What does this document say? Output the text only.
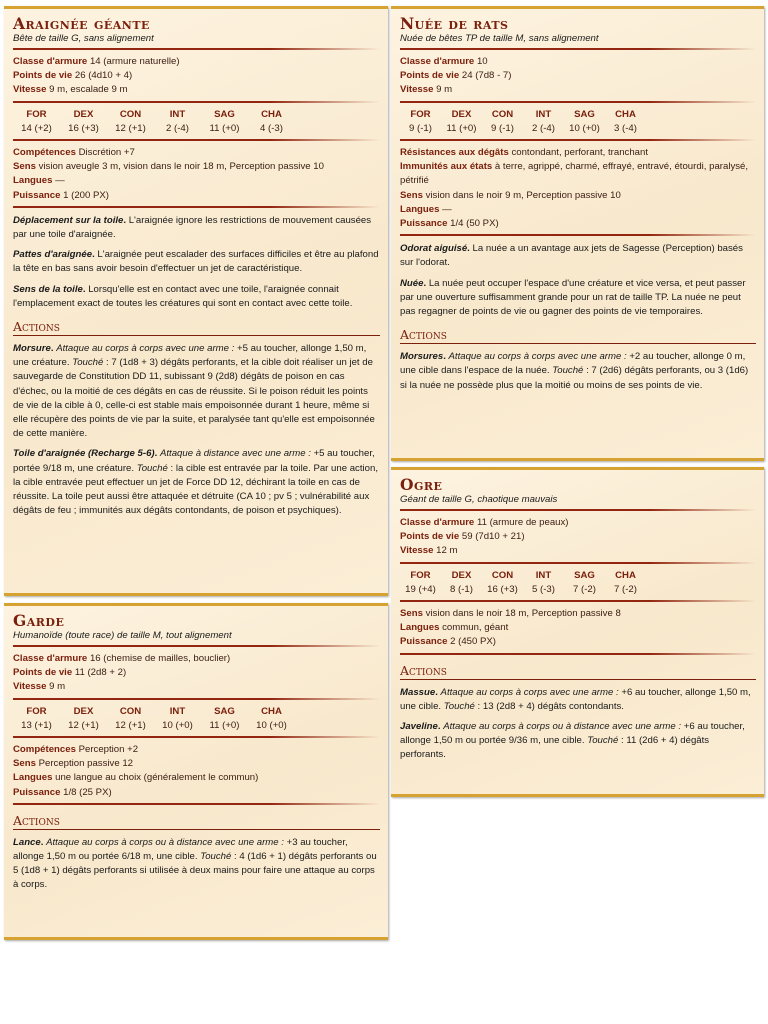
Araignée géante
Bête de taille G, sans alignement

Classe d'armure 14 (armure naturelle)

Points de vie 26 (4d10 + 4)

Vitesse 9 m, escalade 9 m

FOR
14 (+2)
DEX
16 (+3)
CON
12 (+1)
INT
2 (-4)
SAG
11 (+0)
CHA
4 (-3)

Compétences Discrétion +7

Sens vision aveugle 3 m, vision dans le noir 18 m, Perception passive 10

Langues —

Puissance 1 (200 PX)

Déplacement sur la toile. L'araignée ignore les restrictions de mouvement causées par une toile d'araignée.

Pattes d'araignée. L'araignée peut escalader des surfaces difficiles et être au plafond la tête en bas sans avoir besoin d'effectuer un jet de caractéristique.

Sens de la toile. Lorsqu'elle est en contact avec une toile, l'araignée connait l'emplacement exact de toutes les créatures qui sont en contact avec cette toile.

Actions

Morsure. Attaque au corps à corps avec une arme : +5 au toucher, allonge 1,50 m, une créature. Touché : 7 (1d8 + 3) dégâts perforants, et la cible doit réaliser un jet de sauvegarde de Constitution DD 11, subissant 9 (2d8) dégâts de poison en cas d'échec, ou la moitié de ces dégâts en cas de réussite. Si le poison réduit les points de vie de la cible à 0, celle-ci est stable mais empoisonnée durant 1 heure, même si elle récupère des points de vie par la suite, et paralysée tant qu'elle est empoisonnée de cette manière.

Toile d'araignée (Recharge 5-6). Attaque à distance avec une arme : +5 au toucher, portée 9/18 m, une créature. Touché : la cible est entravée par la toile. Par une action, la cible entravée peut effectuer un jet de Force DD 12, déchirant la toile en cas de réussite. La toile peut aussi être attaquée et détruite (CA 10 ; pv 5 ; vulnérabilité aux dégâts de feu ; immunités aux dégâts contondants, de poison et psychiques).

Nuée de rats
Nuée de bêtes TP de taille M, sans alignement

Classe d'armure 10

Points de vie 24 (7d8 - 7)

Vitesse 9 m

FOR
9 (-1)
DEX
11 (+0)
CON
9 (-1)
INT
2 (-4)
SAG
10 (+0)
CHA
3 (-4)

Résistances aux dégâts contondant, perforant, tranchant

Immunités aux états à terre, agrippé, charmé, effrayé, entravé, étourdi, paralysé, pétrifié

Sens vision dans le noir 9 m, Perception passive 10

Langues —

Puissance 1/4 (50 PX)

Odorat aiguisé. La nuée a un avantage aux jets de Sagesse (Perception) basés sur l'odorat.

Nuée. La nuée peut occuper l'espace d'une créature et vice versa, et peut passer par une ouverture suffisamment grande pour un rat de taille TP. La nuée ne peut pas regagner de points de vie ou gagner des points de vie temporaires.

Actions

Morsures. Attaque au corps à corps avec une arme : +2 au toucher, allonge 0 m, une cible dans l'espace de la nuée. Touché : 7 (2d6) dégâts perforants, ou 3 (1d6) si la nuée ne possède plus que la moitié ou moins de ses points de vie.

Garde
Humanoïde (toute race) de taille M, tout alignement

Classe d'armure 16 (chemise de mailles, bouclier)

Points de vie 11 (2d8 + 2)

Vitesse 9 m

FOR
13 (+1)
DEX
12 (+1)
CON
12 (+1)
INT
10 (+0)
SAG
11 (+0)
CHA
10 (+0)

Compétences Perception +2

Sens Perception passive 12

Langues une langue au choix (généralement le commun)

Puissance 1/8 (25 PX)

Actions

Lance. Attaque au corps à corps ou à distance avec une arme : +3 au toucher, allonge 1,50 m ou portée 6/18 m, une cible. Touché : 4 (1d6 + 1) dégâts perforants ou 5 (1d8 + 1) dégâts perforants si utilisée à deux mains pour faire une attaque au corps à corps.

Ogre
Géant de taille G, chaotique mauvais

Classe d'armure 11 (armure de peaux)

Points de vie 59 (7d10 + 21)

Vitesse 12 m

FOR
19 (+4)
DEX
8 (-1)
CON
16 (+3)
INT
5 (-3)
SAG
7 (-2)
CHA
7 (-2)

Sens vision dans le noir 18 m, Perception passive 8

Langues commun, géant

Puissance 2 (450 PX)

Actions

Massue. Attaque au corps à corps avec une arme : +6 au toucher, allonge 1,50 m, une cible. Touché : 13 (2d8 + 4) dégâts contondants.

Javeline. Attaque au corps à corps ou à distance avec une arme : +6 au toucher, allonge 1,50 m ou portée 9/36 m, une cible. Touché : 11 (2d6 + 4) dégâts perforants.
